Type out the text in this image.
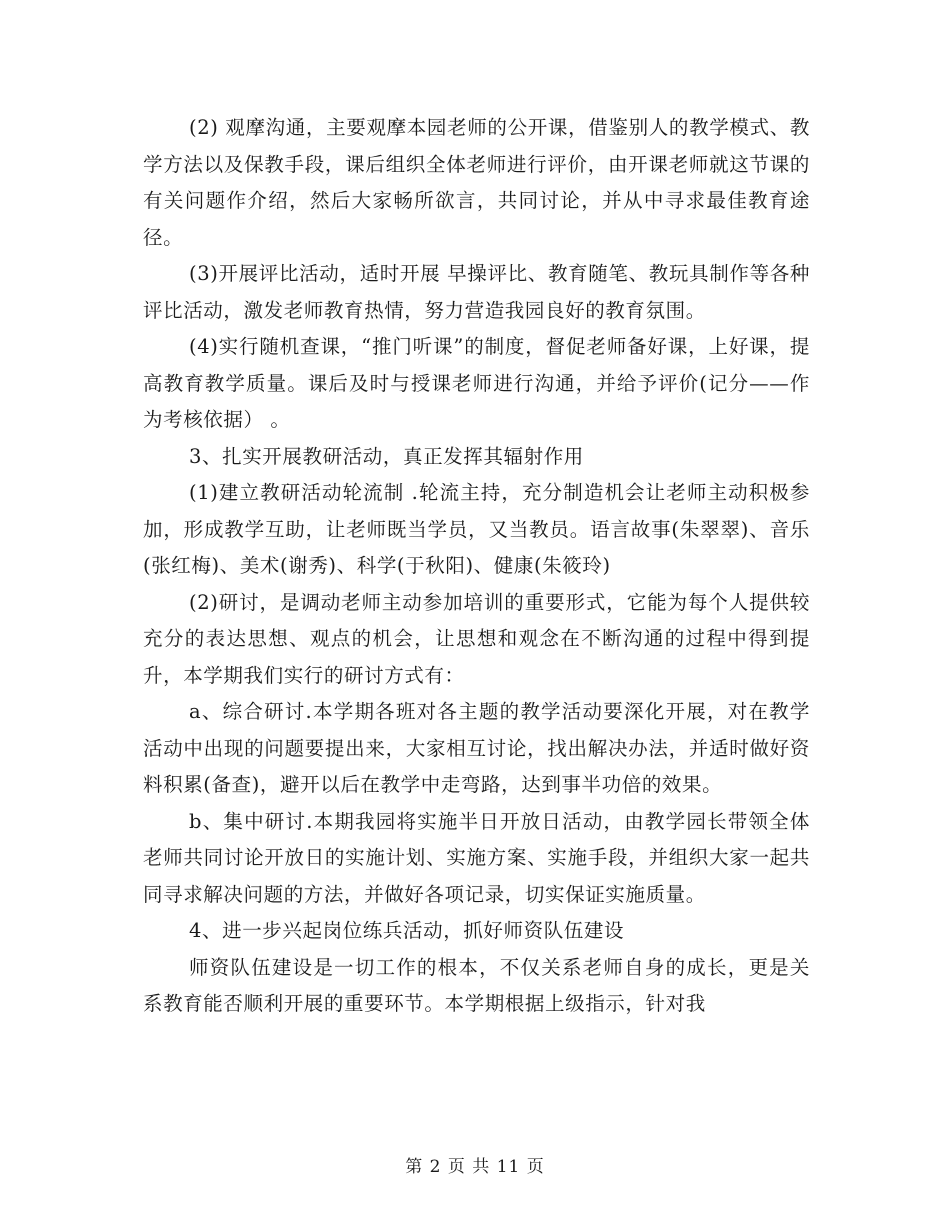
(2) 观摩沟通，主要观摩本园老师的公开课，借鉴别人的教学模式、教学方法以及保教手段，课后组织全体老师进行评价，由开课老师就这节课的有关问题作介绍，然后大家畅所欲言，共同讨论，并从中寻求最佳教育途径。

(3)开展评比活动，适时开展 早操评比、教育随笔、教玩具制作等各种评比活动，激发老师教育热情，努力营造我园良好的教育氛围。

(4)实行随机查课，“推门听课”的制度，督促老师备好课，上好课，提高教育教学质量。课后及时与授课老师进行沟通，并给予评价(记分——作为考核依据） 。

3、扎实开展教研活动，真正发挥其辐射作用

(1)建立教研活动轮流制 .轮流主持，充分制造机会让老师主动积极参加，形成教学互助，让老师既当学员，又当教员。语言故事(朱翠翠)、音乐(张红梅)、美术(谢秀)、科学(于秋阳)、健康(朱筱玲)

(2)研讨，是调动老师主动参加培训的重要形式，它能为每个人提供较充分的表达思想、观点的机会，让思想和观念在不断沟通的过程中得到提升，本学期我们实行的研讨方式有：

a、综合研讨.本学期各班对各主题的教学活动要深化开展，对在教学活动中出现的问题要提出来，大家相互讨论，找出解决办法，并适时做好资料积累(备查)，避开以后在教学中走弯路，达到事半功倍的效果。

b、集中研讨.本期我园将实施半日开放日活动，由教学园长带领全体老师共同讨论开放日的实施计划、实施方案、实施手段，并组织大家一起共同寻求解决问题的方法，并做好各项记录，切实保证实施质量。

4、进一步兴起岗位练兵活动，抓好师资队伍建设

师资队伍建设是一切工作的根本，不仅关系老师自身的成长，更是关系教育能否顺利开展的重要环节。本学期根据上级指示，针对我

第 2 页 共 11 页
